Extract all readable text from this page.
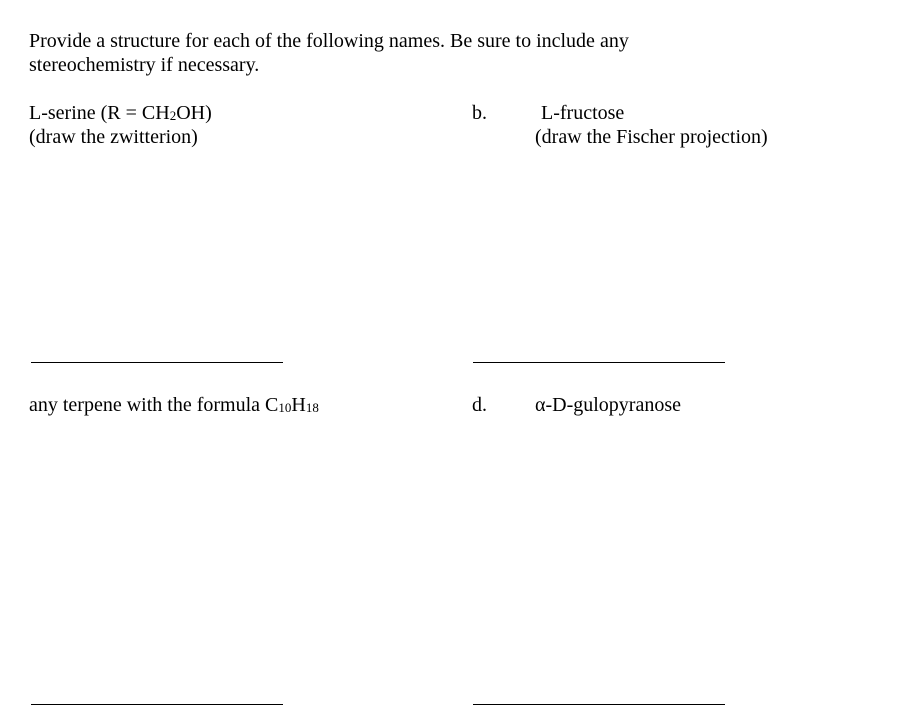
Provide a structure for each of the following names. Be sure to include any
stereochemistry if necessary.
L-serine $(R = CH_2OH)$
(draw the zwitterion)
b.	L-fructose
(draw the Fischer projection)
any terpene with the formula $C_{10}H_{18}$	d. α-D-gulopyranose
